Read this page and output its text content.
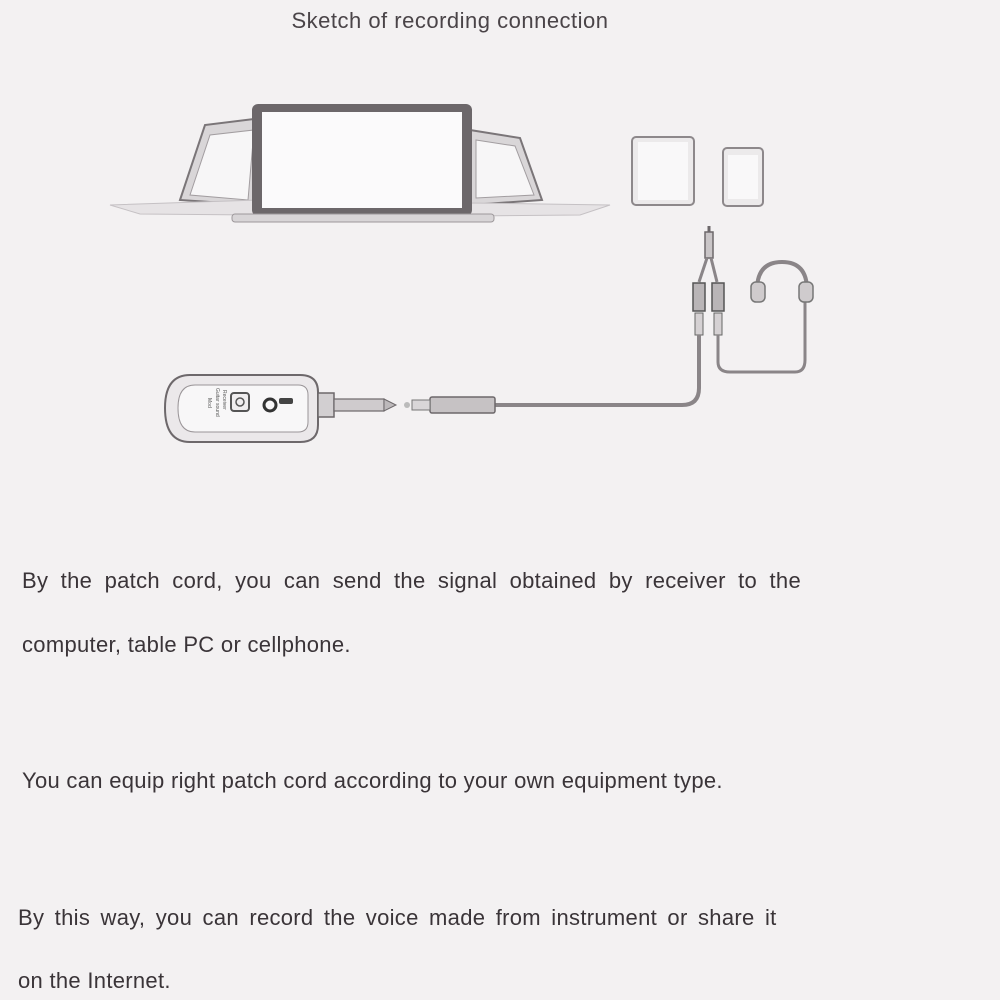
Sketch of recording connection
Mod Guitar sound Receiver
By the patch cord, you can send the signal obtained by receiver to the
computer, table PC or cellphone.
You can equip right patch cord according to your own equipment type.
By this way, you can record the voice made from instrument or share it
on the Internet.
